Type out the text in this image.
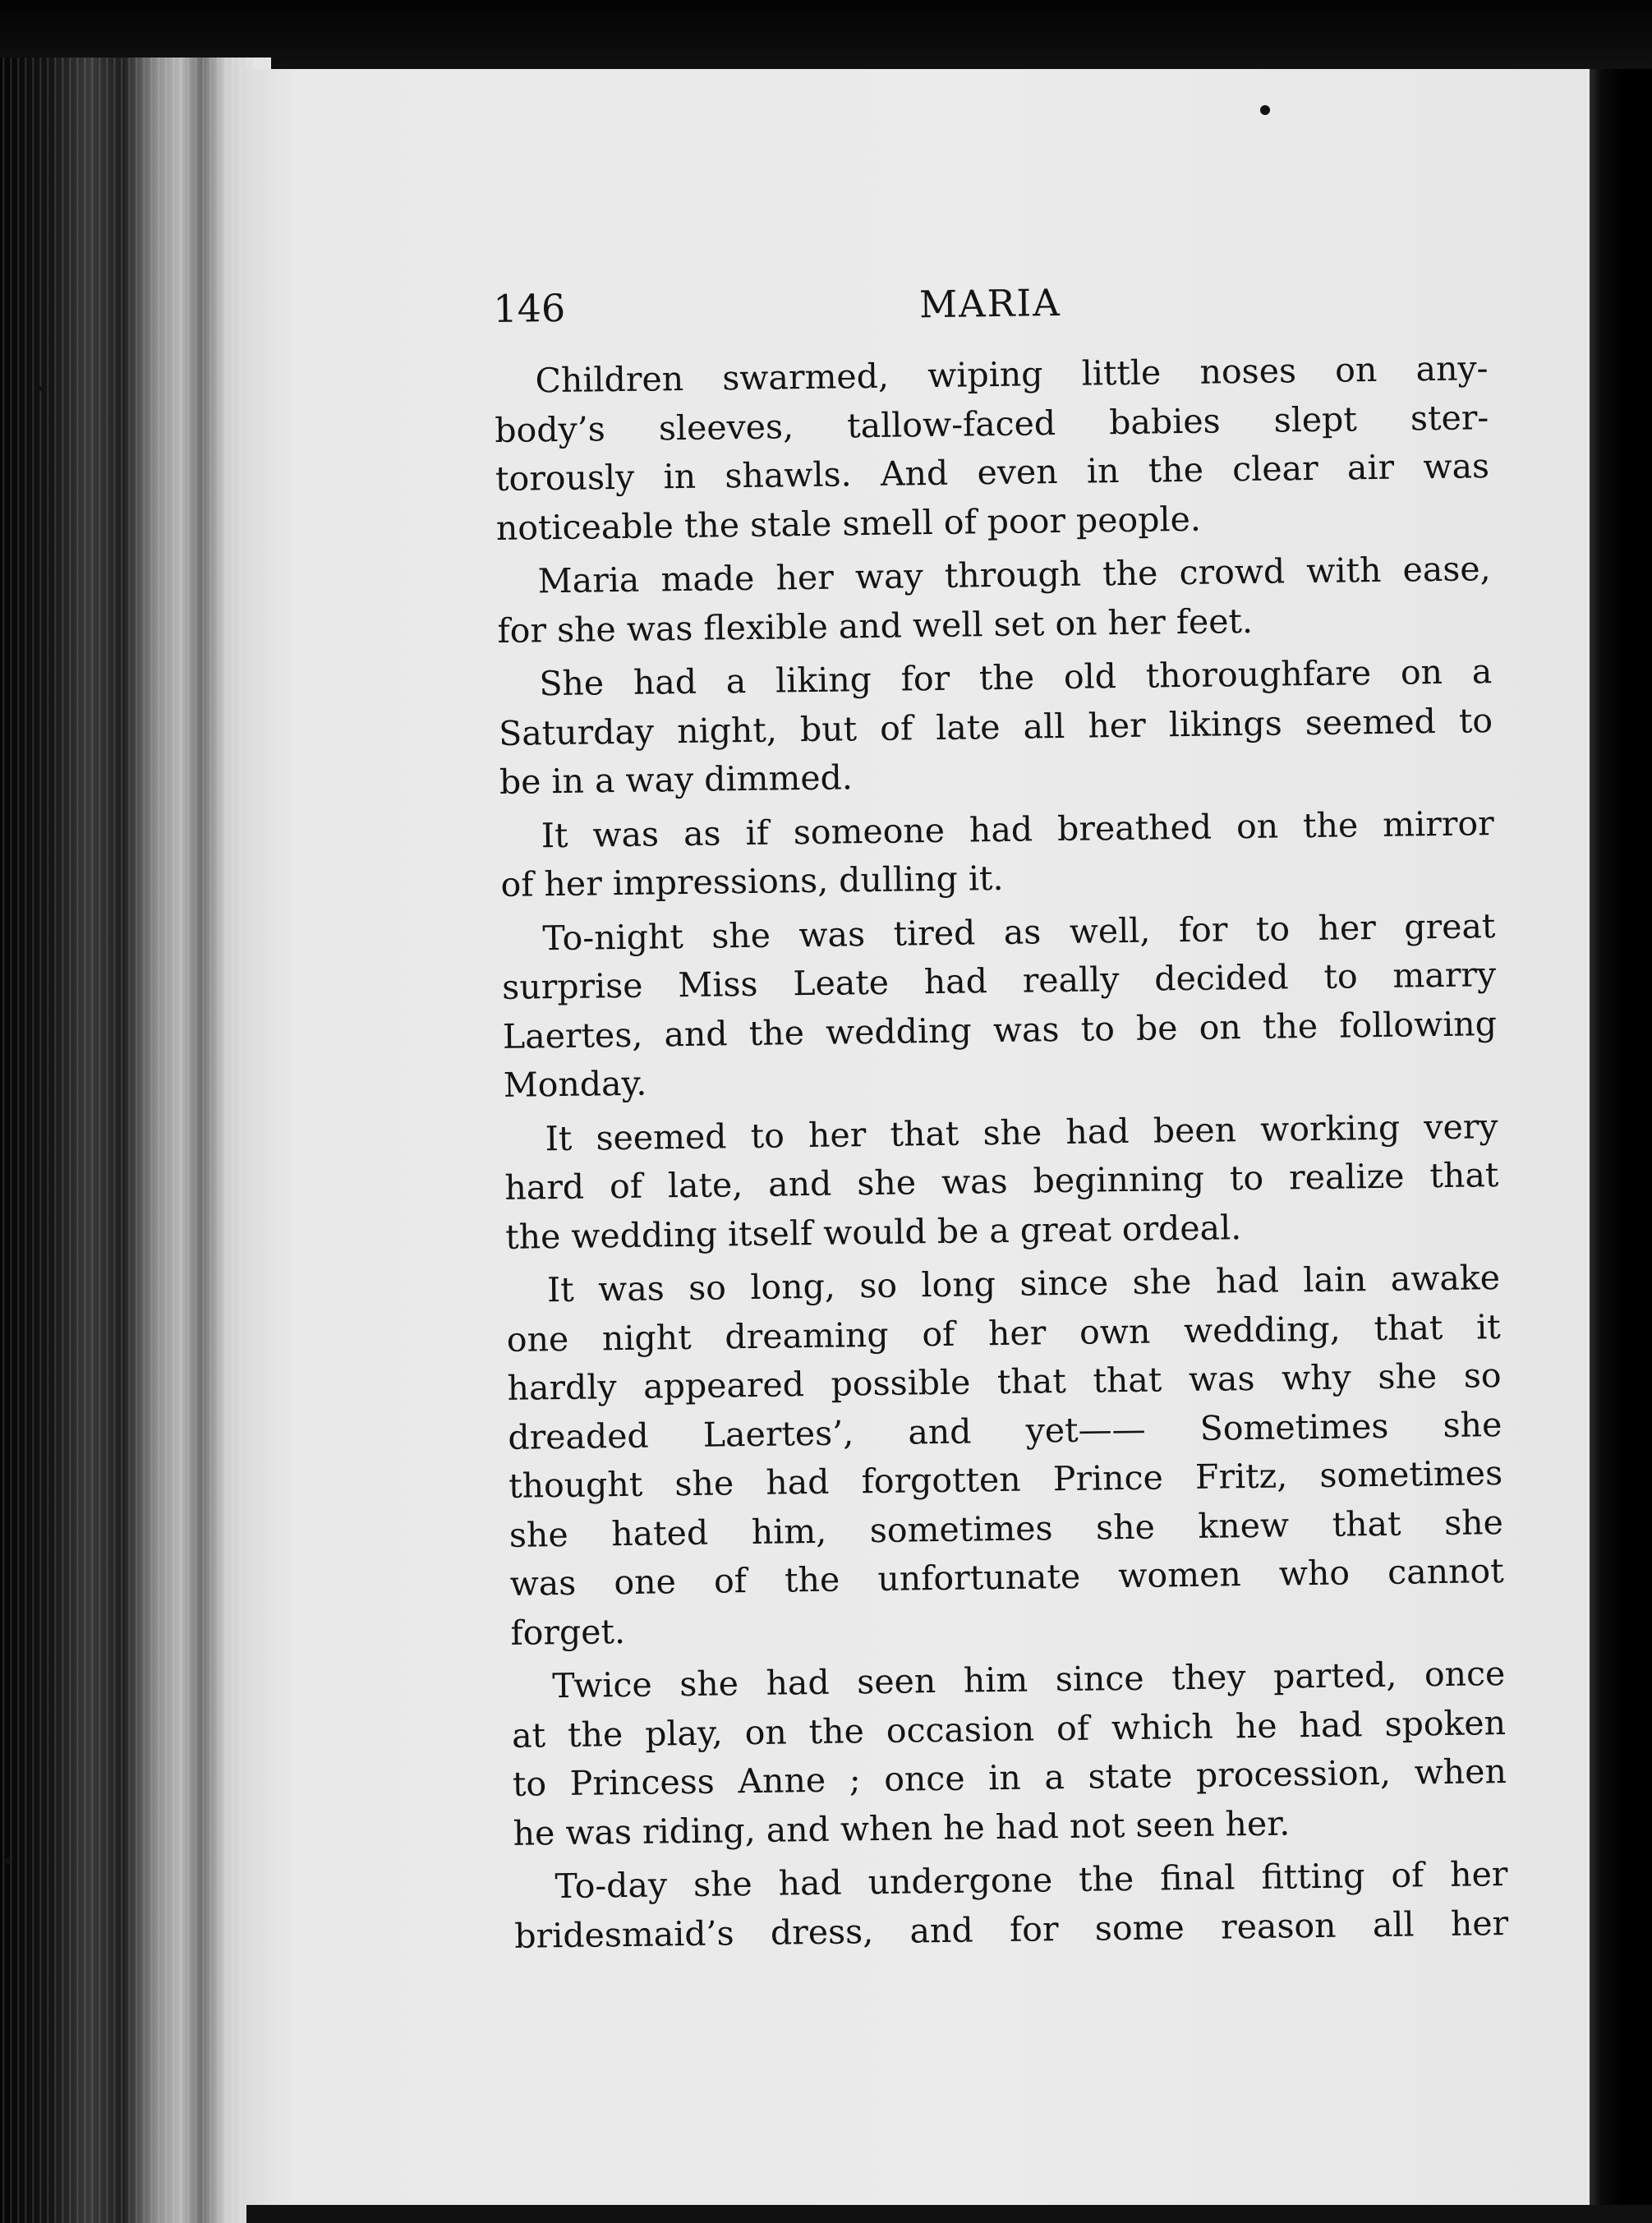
146	MARIA
Children swarmed, wiping little noses on any-
body’s sleeves, tallow-faced babies slept ster-
torously in shawls. And even in the clear air was
noticeable the stale smell of poor people.
Maria made her way through the crowd with ease,
for she was flexible and well set on her feet.
She had a liking for the old thoroughfare on a
Saturday night, but of late all her likings seemed to
be in a way dimmed.
It was as if someone had breathed on the mirror
of her impressions, dulling it.
To-night she was tired as well, for to her great
surprise Miss Leate had really decided to marry
Laertes, and the wedding was to be on the following
Monday.
It seemed to her that she had been working very
hard of late, and she was beginning to realize that
the wedding itself would be a great ordeal.
It was so long, so long since she had lain awake
one night dreaming of her own wedding, that it
hardly appeared possible that that was why she so
dreaded Laertes’, and yet—— Sometimes she
thought she had forgotten Prince Fritz, sometimes
she hated him, sometimes she knew that she
was one of the unfortunate women who cannot
forget.
Twice she had seen him since they parted, once
at the play, on the occasion of which he had spoken
to Princess Anne ; once in a state procession, when
he was riding, and when he had not seen her.
To-day she had undergone the final fitting of her
bridesmaid’s dress, and for some reason all her
